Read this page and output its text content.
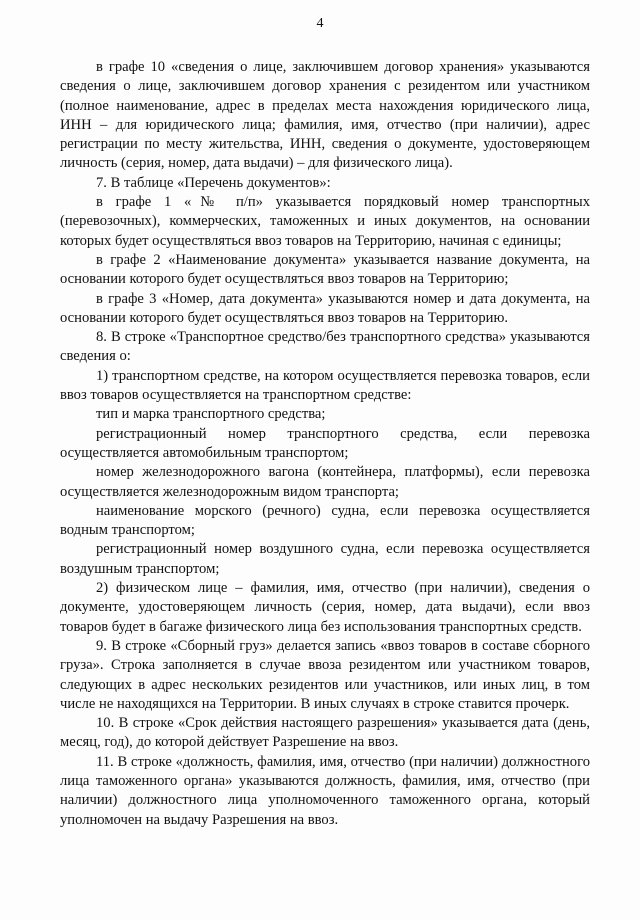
4

в графе 10 «сведения о лице, заключившем договор хранения» указываются сведения о лице, заключившем договор хранения с резидентом или участником (полное наименование, адрес в пределах места нахождения юридического лица, ИНН – для юридического лица; фамилия, имя, отчество (при наличии), адрес регистрации по месту жительства, ИНН, сведения о документе, удостоверяющем личность (серия, номер, дата выдачи) – для физического лица).

7. В таблице «Перечень документов»:

в графе 1 «№ п/п» указывается порядковый номер транспортных (перевозочных), коммерческих, таможенных и иных документов, на основании которых будет осуществляться ввоз товаров на Территорию, начиная с единицы;

в графе 2 «Наименование документа» указывается название документа, на основании которого будет осуществляться ввоз товаров на Территорию;

в графе 3 «Номер, дата документа» указываются номер и дата документа, на основании которого будет осуществляться ввоз товаров на Территорию.

8. В строке «Транспортное средство/без транспортного средства» указываются сведения о:

1) транспортном средстве, на котором осуществляется перевозка товаров, если ввоз товаров осуществляется на транспортном средстве:

тип и марка транспортного средства;

регистрационный номер транспортного средства, если перевозка осуществляется автомобильным транспортом;

номер железнодорожного вагона (контейнера, платформы), если перевозка осуществляется железнодорожным видом транспорта;

наименование морского (речного) судна, если перевозка осуществляется водным транспортом;

регистрационный номер воздушного судна, если перевозка осуществляется воздушным транспортом;

2) физическом лице – фамилия, имя, отчество (при наличии), сведения о документе, удостоверяющем личность (серия, номер, дата выдачи), если ввоз товаров будет в багаже физического лица без использования транспортных средств.

9. В строке «Сборный груз» делается запись «ввоз товаров в составе сборного груза». Строка заполняется в случае ввоза резидентом или участником товаров, следующих в адрес нескольких резидентов или участников, или иных лиц, в том числе не находящихся на Территории. В иных случаях в строке ставится прочерк.

10. В строке «Срок действия настоящего разрешения» указывается дата (день, месяц, год), до которой действует Разрешение на ввоз.

11. В строке «должность, фамилия, имя, отчество (при наличии) должностного лица таможенного органа» указываются должность, фамилия, имя, отчество (при наличии) должностного лица уполномоченного таможенного органа, который уполномочен на выдачу Разрешения на ввоз.
